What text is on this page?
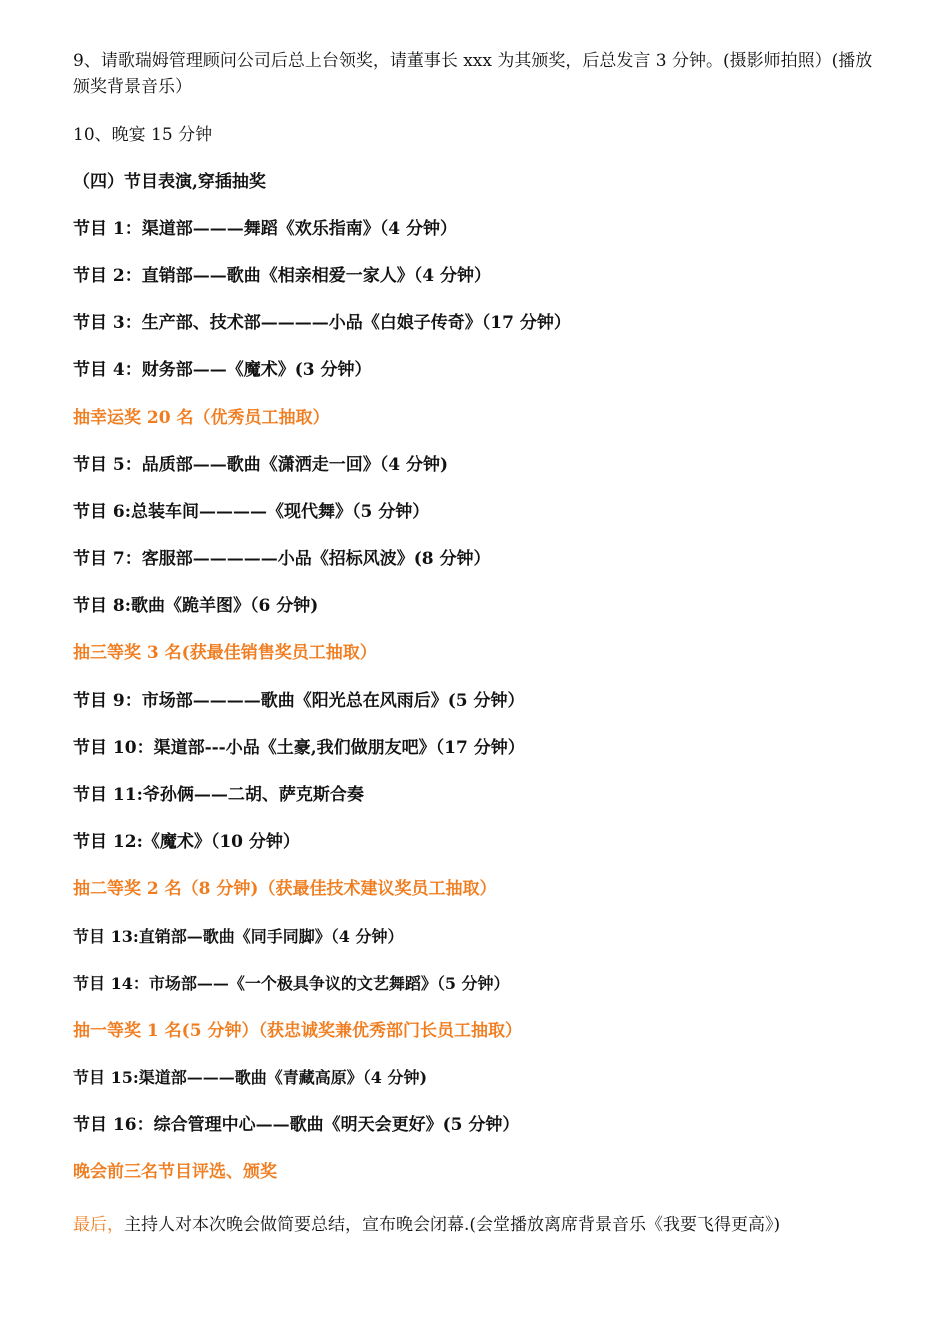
9、请歌瑞姆管理顾问公司后总上台领奖，请董事长 xxx 为其颁奖，后总发言 3 分钟。(摄影师拍照）(播放颁奖背景音乐）

10、晚宴 15 分钟

（四）节目表演,穿插抽奖

节目 1：渠道部———舞蹈《欢乐指南》（4 分钟）

节目 2：直销部——歌曲《相亲相爱一家人》（4 分钟）

节目 3：生产部、技术部————小品《白娘子传奇》（17 分钟）

节目 4：财务部——《魔术》(3 分钟）

抽幸运奖 20 名（优秀员工抽取）

节目 5：品质部——歌曲《潇洒走一回》（4 分钟)

节目 6:总装车间————《现代舞》（5 分钟）

节目 7：客服部—————小品《招标风波》(8 分钟）

节目 8:歌曲《跪羊图》（6 分钟)

抽三等奖 3 名(获最佳销售奖员工抽取）

节目 9：市场部————歌曲《阳光总在风雨后》(5 分钟）

节目 10：渠道部---小品《土豪,我们做朋友吧》（17 分钟）

节目 11:爷孙俩——二胡、萨克斯合奏

节目 12:《魔术》（10 分钟）

抽二等奖 2 名（8 分钟)（获最佳技术建议奖员工抽取）

节目 13:直销部—歌曲《同手同脚》（4 分钟）

节目 14：市场部——《一个极具争议的文艺舞蹈》（5 分钟）

抽一等奖 1 名(5 分钟）（获忠诚奖兼优秀部门长员工抽取）

节目 15:渠道部———歌曲《青藏高原》（4 分钟)

节目 16：综合管理中心——歌曲《明天会更好》(5 分钟）

晚会前三名节目评选、颁奖

最后，主持人对本次晚会做简要总结，宣布晚会闭幕.(会堂播放离席背景音乐《我要飞得更高》)
